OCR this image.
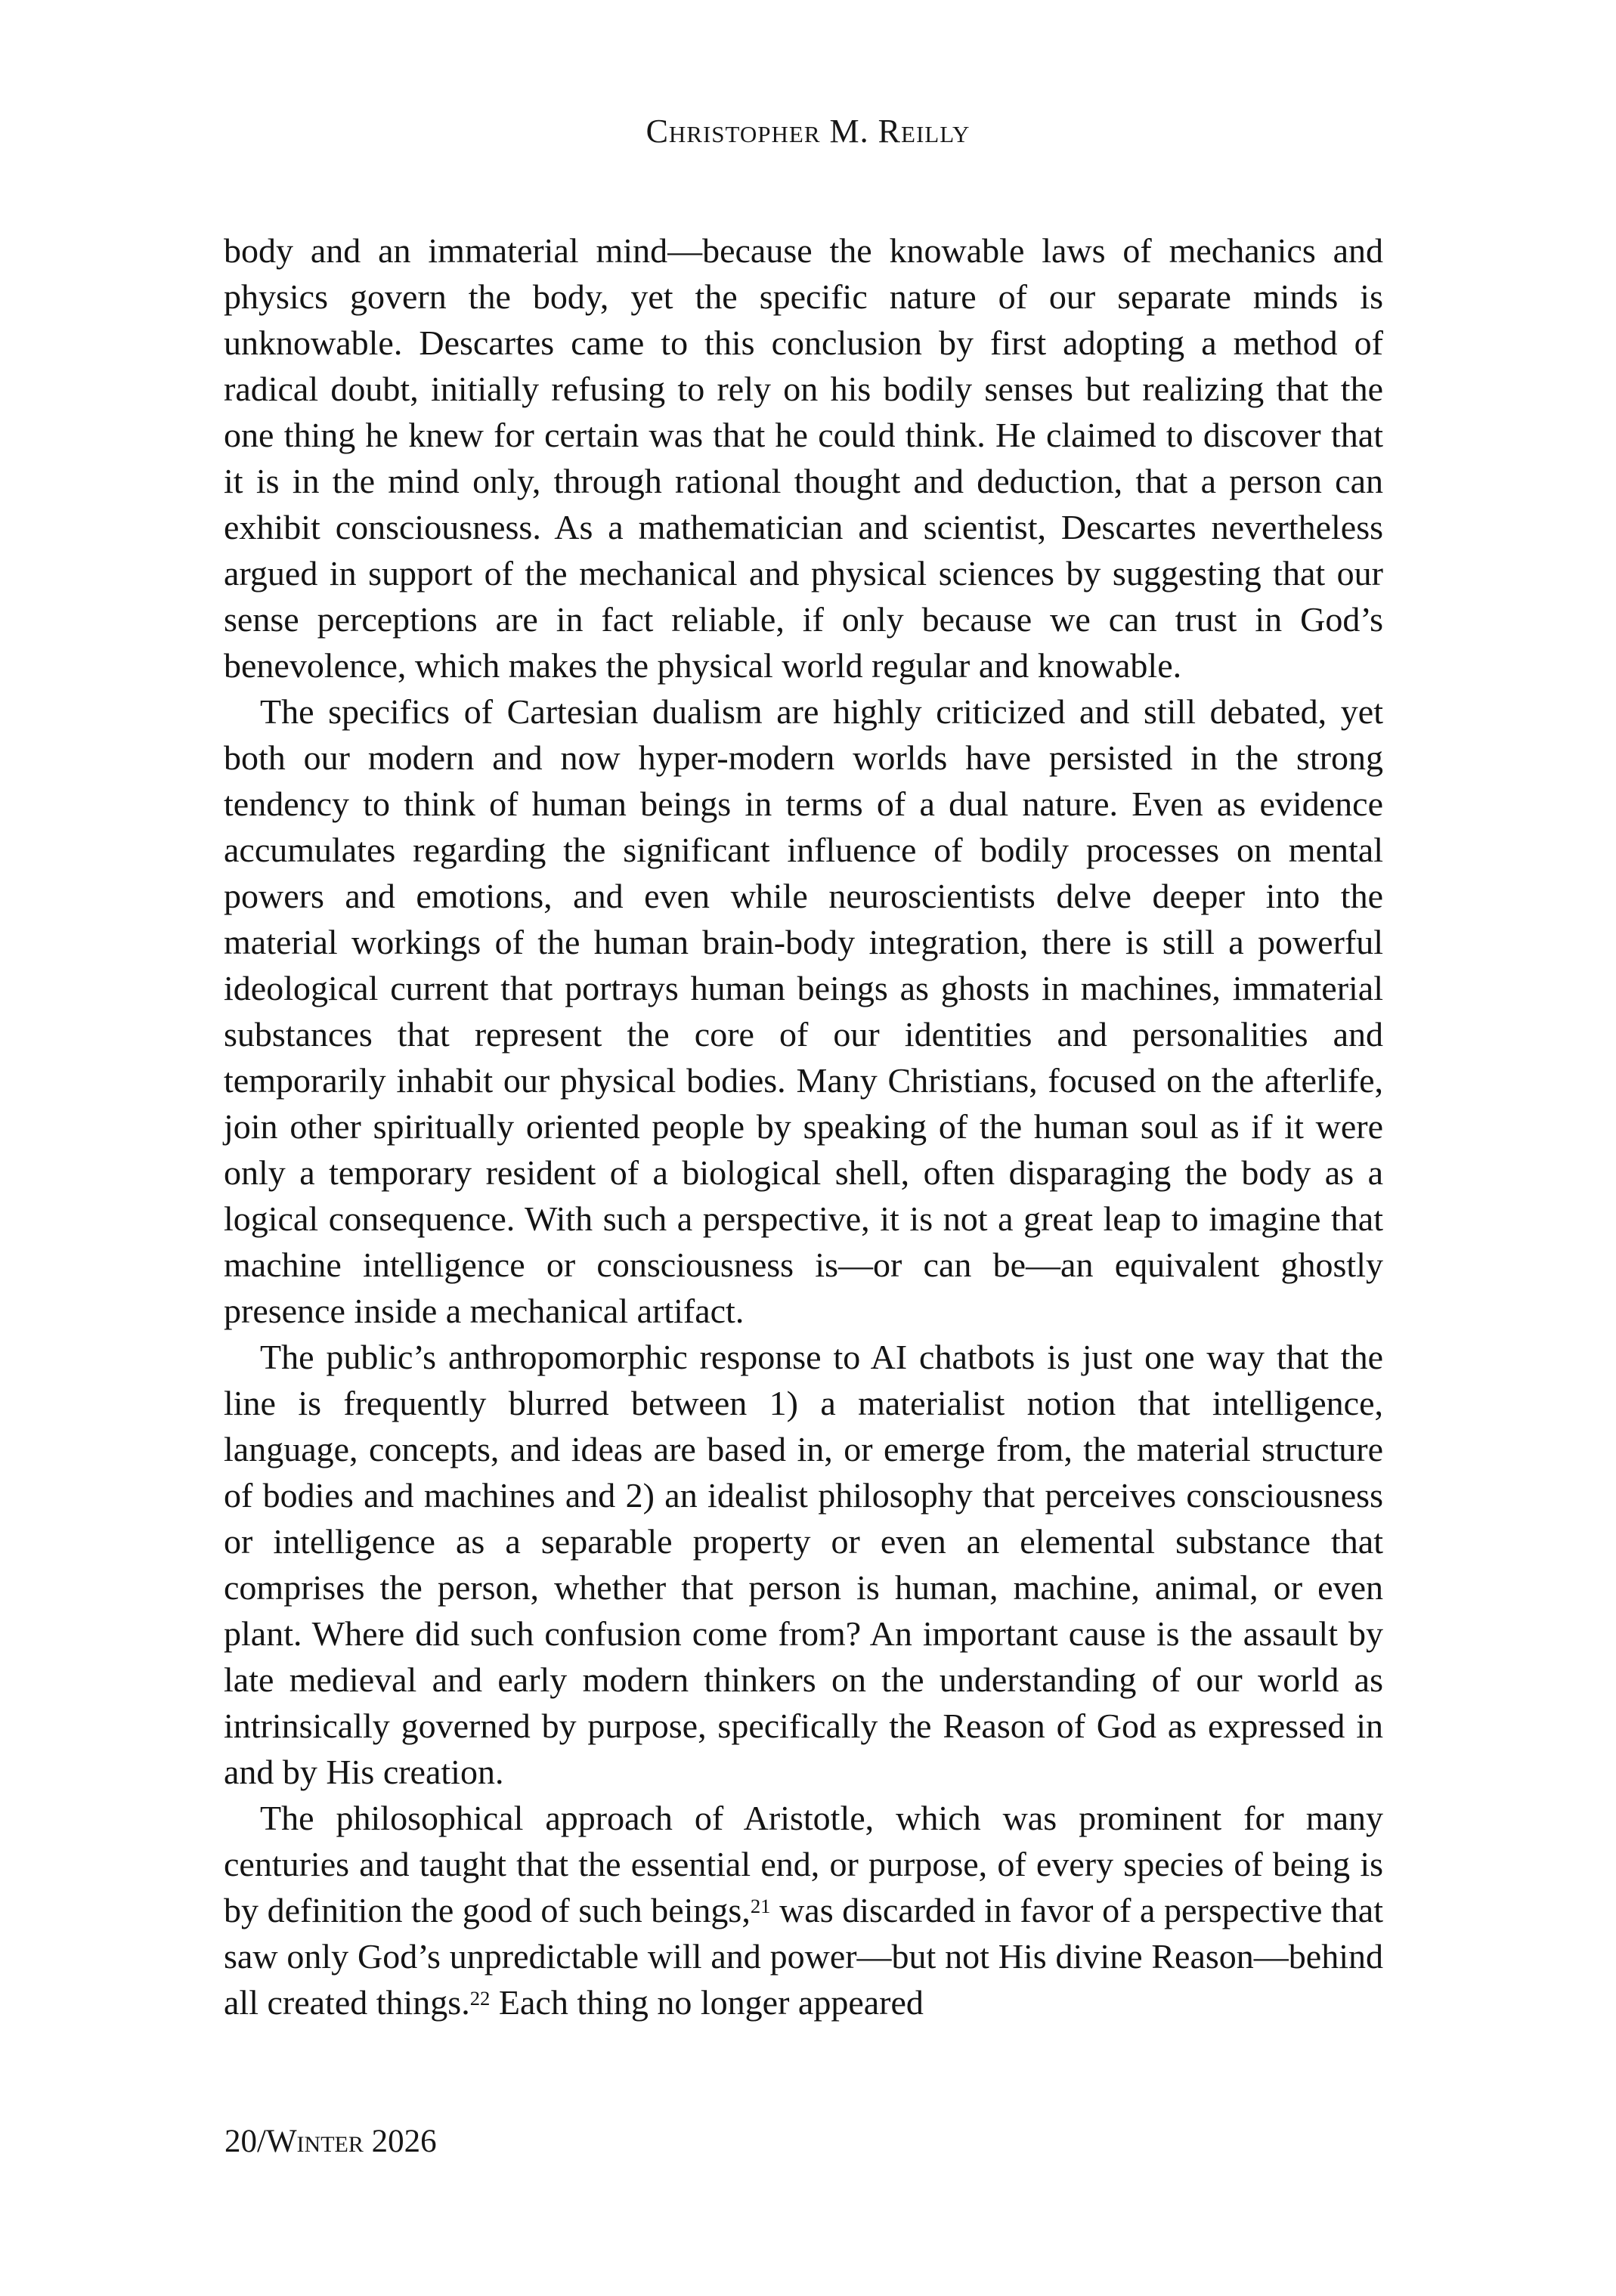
Christopher M. Reilly

body and an immaterial mind—because the knowable laws of mechanics and physics govern the body, yet the specific nature of our separate minds is unknowable. Descartes came to this conclusion by first adopting a method of radical doubt, initially refusing to rely on his bodily senses but realizing that the one thing he knew for certain was that he could think. He claimed to discover that it is in the mind only, through rational thought and deduction, that a person can exhibit consciousness. As a mathematician and scientist, Descartes nevertheless argued in support of the mechanical and physical sciences by suggesting that our sense perceptions are in fact reliable, if only because we can trust in God’s benevolence, which makes the physical world regular and knowable.

The specifics of Cartesian dualism are highly criticized and still debated, yet both our modern and now hyper-modern worlds have persisted in the strong tendency to think of human beings in terms of a dual nature. Even as evidence accumulates regarding the significant influence of bodily processes on mental powers and emotions, and even while neuroscientists delve deeper into the material workings of the human brain-body integration, there is still a powerful ideological current that portrays human beings as ghosts in machines, immaterial substances that represent the core of our identities and personalities and temporarily inhabit our physical bodies. Many Christians, focused on the afterlife, join other spiritually oriented people by speaking of the human soul as if it were only a temporary resident of a biological shell, often disparaging the body as a logical consequence. With such a perspective, it is not a great leap to imagine that machine intelligence or consciousness is—or can be—an equivalent ghostly presence inside a mechanical artifact.

The public’s anthropomorphic response to AI chatbots is just one way that the line is frequently blurred between 1) a materialist notion that intelligence, language, concepts, and ideas are based in, or emerge from, the material structure of bodies and machines and 2) an idealist philosophy that perceives consciousness or intelligence as a separable property or even an elemental substance that comprises the person, whether that person is human, machine, animal, or even plant. Where did such confusion come from? An important cause is the assault by late medieval and early modern thinkers on the understanding of our world as intrinsically governed by purpose, specifically the Reason of God as expressed in and by His creation.

The philosophical approach of Aristotle, which was prominent for many centuries and taught that the essential end, or purpose, of every species of being is by definition the good of such beings,$^{21}$ was discarded in favor of a perspective that saw only God’s unpredictable will and power—but not His divine Reason—behind all created things.$^{22}$ Each thing no longer appeared

20/Winter 2026
